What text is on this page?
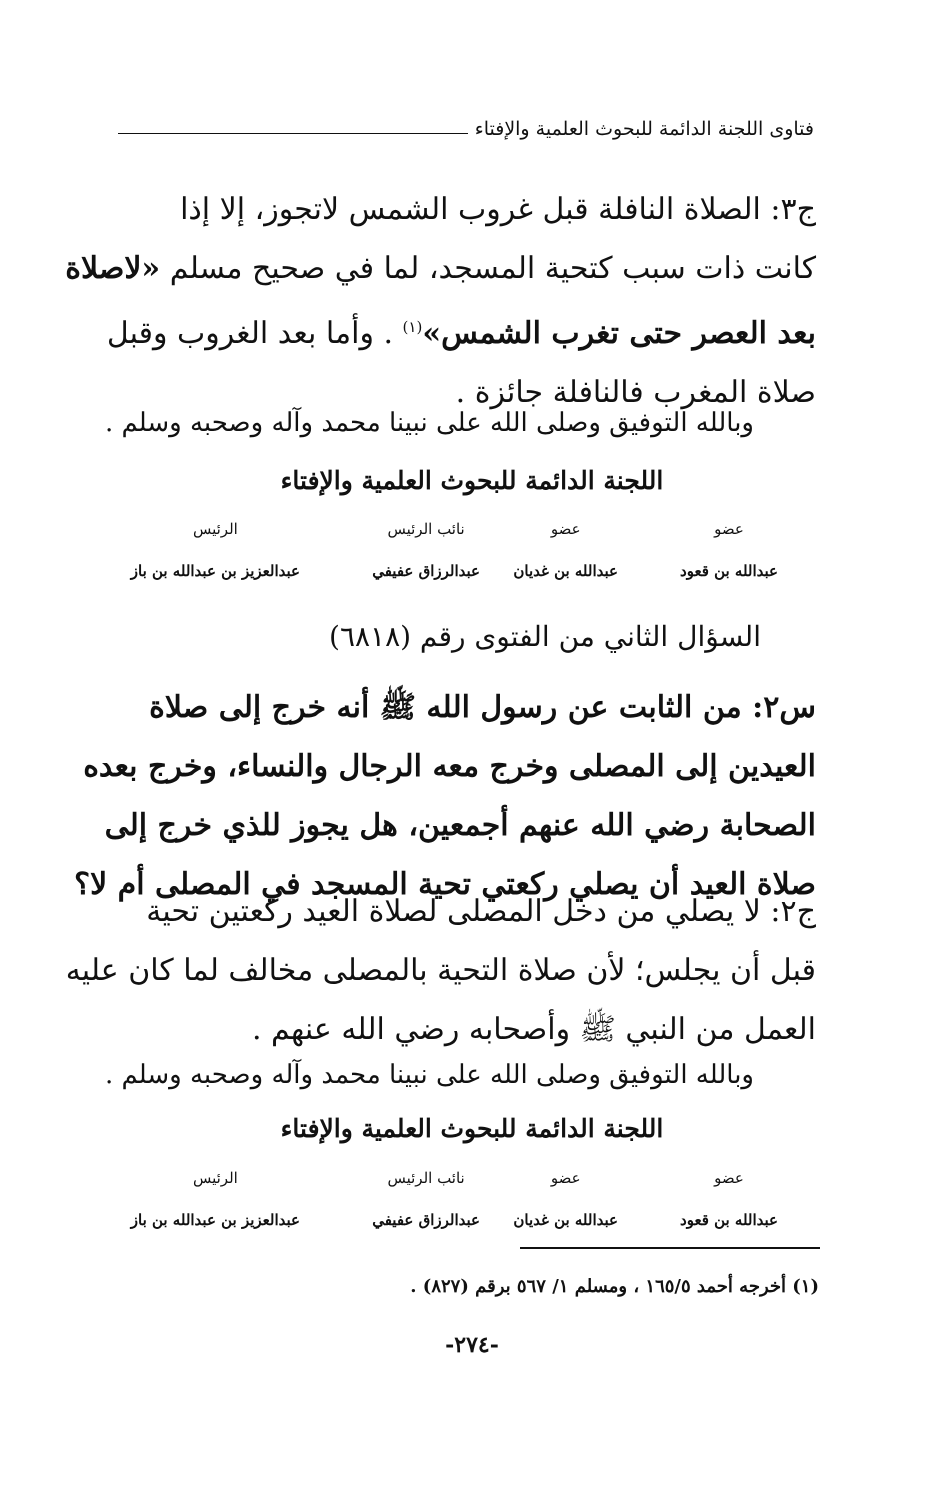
فتاوى اللجنة الدائمة للبحوث العلمية والإفتاء
ج٣: الصلاة النافلة قبل غروب الشمس لاتجوز، إلا إذا
كانت ذات سبب كتحية المسجد، لما في صحيح مسلم «لاصلاة
بعد العصر حتى تغرب الشمس»$^{(١)}$ . وأما بعد الغروب وقبل
صلاة المغرب فالنافلة جائزة .
وبالله التوفيق وصلى الله على نبينا محمد وآله وصحبه وسلم .
اللجنة الدائمة للبحوث العلمية والإفتاء
عضو
عبدالله بن قعود
عضو
عبدالله بن غديان
نائب الرئيس
عبدالرزاق عفيفي
الرئيس
عبدالعزيز بن عبدالله بن باز
السؤال الثاني من الفتوى رقم (٦٨١٨)
س٢: من الثابت عن رسول الله ﷺ أنه خرج إلى صلاة
العيدين إلى المصلى وخرج معه الرجال والنساء، وخرج بعده
الصحابة رضي الله عنهم أجمعين، هل يجوز للذي خرج إلى
صلاة العيد أن يصلي ركعتي تحية المسجد في المصلى أم لا؟
ج٢: لا يصلي من دخل المصلى لصلاة العيد ركعتين تحية
قبل أن يجلس؛ لأن صلاة التحية بالمصلى مخالف لما كان عليه
العمل من النبي ﷺ وأصحابه رضي الله عنهم .
وبالله التوفيق وصلى الله على نبينا محمد وآله وصحبه وسلم .
اللجنة الدائمة للبحوث العلمية والإفتاء
عضو
عبدالله بن قعود
عضو
عبدالله بن غديان
نائب الرئيس
عبدالرزاق عفيفي
الرئيس
عبدالعزيز بن عبدالله بن باز
(١) أخرجه أحمد ١٦٥/٥ ، ومسلم ١/ ٥٦٧ برقم (٨٢٧) .
-٢٧٤-
